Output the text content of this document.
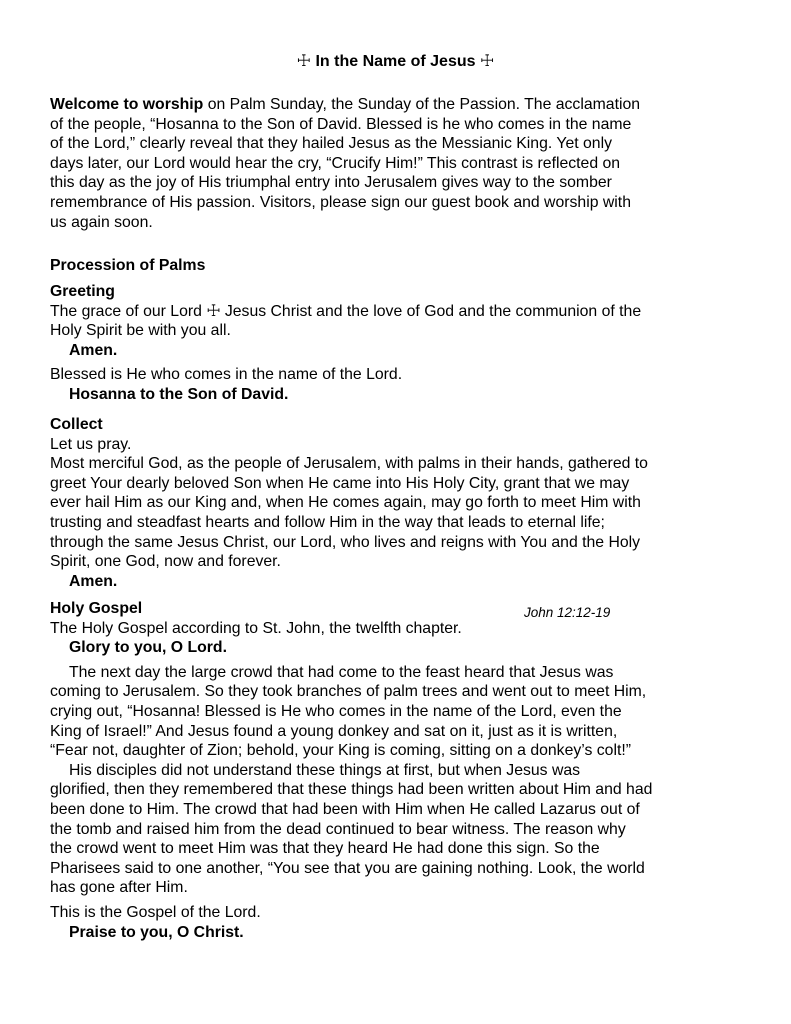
☩ In the Name of Jesus ☩
Welcome to worship on Palm Sunday, the Sunday of the Passion. The acclamation
of the people, “Hosanna to the Son of David. Blessed is he who comes in the name
of the Lord,” clearly reveal that they hailed Jesus as the Messianic King. Yet only
days later, our Lord would hear the cry, “Crucify Him!” This contrast is reflected on
this day as the joy of His triumphal entry into Jerusalem gives way to the somber
remembrance of His passion. Visitors, please sign our guest book and worship with
us again soon.
Procession of Palms
Greeting
The grace of our Lord ☩ Jesus Christ and the love of God and the communion of the
Holy Spirit be with you all.
Amen.
Blessed is He who comes in the name of the Lord.
Hosanna to the Son of David.
Collect
Let us pray.
Most merciful God, as the people of Jerusalem, with palms in their hands, gathered to
greet Your dearly beloved Son when He came into His Holy City, grant that we may
ever hail Him as our King and, when He comes again, may go forth to meet Him with
trusting and steadfast hearts and follow Him in the way that leads to eternal life;
through the same Jesus Christ, our Lord, who lives and reigns with You and the Holy
Spirit, one God, now and forever.
Amen.
Holy Gospel
The Holy Gospel according to St. John, the twelfth chapter.
Glory to you, O Lord.
The next day the large crowd that had come to the feast heard that Jesus was
coming to Jerusalem. So they took branches of palm trees and went out to meet Him,
crying out, “Hosanna! Blessed is He who comes in the name of the Lord, even the
King of Israel!” And Jesus found a young donkey and sat on it, just as it is written,
“Fear not, daughter of Zion; behold, your King is coming, sitting on a donkey’s colt!”
His disciples did not understand these things at first, but when Jesus was
glorified, then they remembered that these things had been written about Him and had
been done to Him. The crowd that had been with Him when He called Lazarus out of
the tomb and raised him from the dead continued to bear witness. The reason why
the crowd went to meet Him was that they heard He had done this sign. So the
Pharisees said to one another, “You see that you are gaining nothing. Look, the world
has gone after Him.
This is the Gospel of the Lord.
Praise to you, O Christ.
John 12:12-19
